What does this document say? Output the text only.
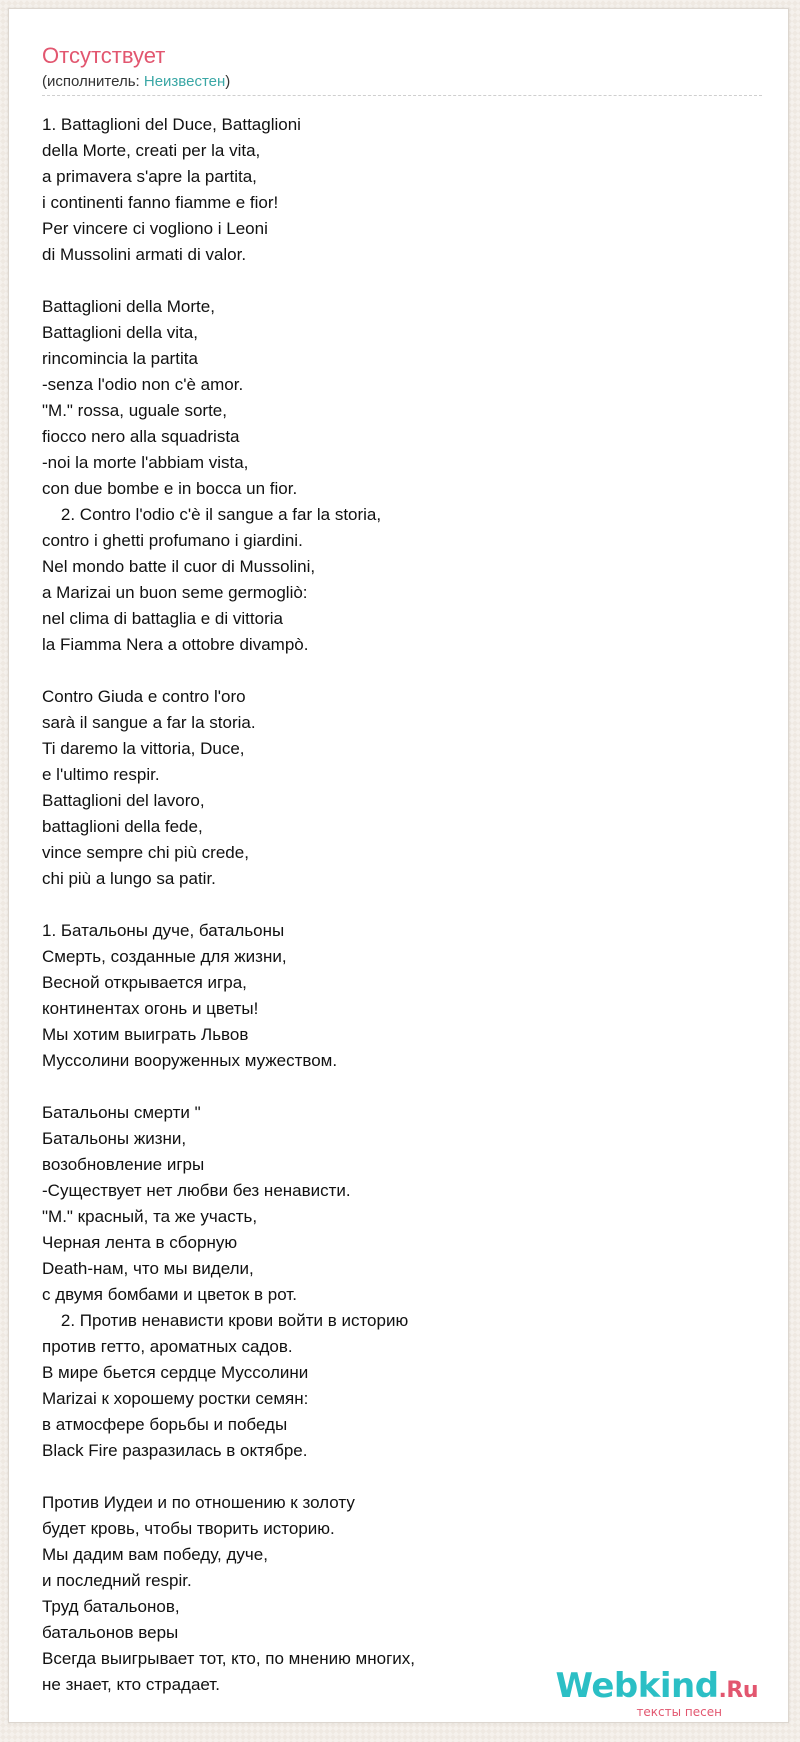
Отсутствует
(исполнитель: Неизвестен)
1. Battaglioni del Duce, Battaglioni
della Morte, creati per la vita,
a primavera s'apre la partita,
i continenti fanno fiamme e fior!
Per vincere ci vogliono i Leoni
di Mussolini armati di valor.
Battaglioni della Morte,
Battaglioni della vita,
rincomincia la partita
-senza l'odio non c'è amor.
"M." rossa, uguale sorte,
fiocco nero alla squadrista
-noi la morte l'abbiam vista,
con due bombe e in bocca un fior.
2. Contro l'odio c'è il sangue a far la storia,
contro i ghetti profumano i giardini.
Nel mondo batte il cuor di Mussolini,
a Marizai un buon seme germogliò:
nel clima di battaglia e di vittoria
la Fiamma Nera a ottobre divampò.
Contro Giuda e contro l'oro
sarà il sangue a far la storia.
Ti daremo la vittoria, Duce,
e l'ultimo respir.
Battaglioni del lavoro,
battaglioni della fede,
vince sempre chi più crede,
chi più a lungo sa patir.
1. Батальоны дуче, батальоны
Смерть, созданные для жизни,
Весной открывается игра,
континентах огонь и цветы!
Мы хотим выиграть Львов
Муссолини вооруженных мужеством.
Батальоны смерти "
Батальоны жизни,
возобновление игры
-Существует нет любви без ненависти.
"M." красный, та же участь,
Черная лента в сборную
Death-нам, что мы видели,
с двумя бомбами и цветок в рот.
2. Против ненависти крови войти в историю
против гетто, ароматных садов.
В мире бьется сердце Муссолини
Marizai к хорошему ростки семян:
в атмосфере борьбы и победы
Black Fire разразилась в октябре.
Против Иудеи и по отношению к золоту
будет кровь, чтобы творить историю.
Мы дадим вам победу, дуче,
и последний respir.
Труд батальонов,
батальонов веры
Всегда выигрывает тот, кто, по мнению многих,
не знает, кто страдает.	Webkind.Ru
тексты песен
